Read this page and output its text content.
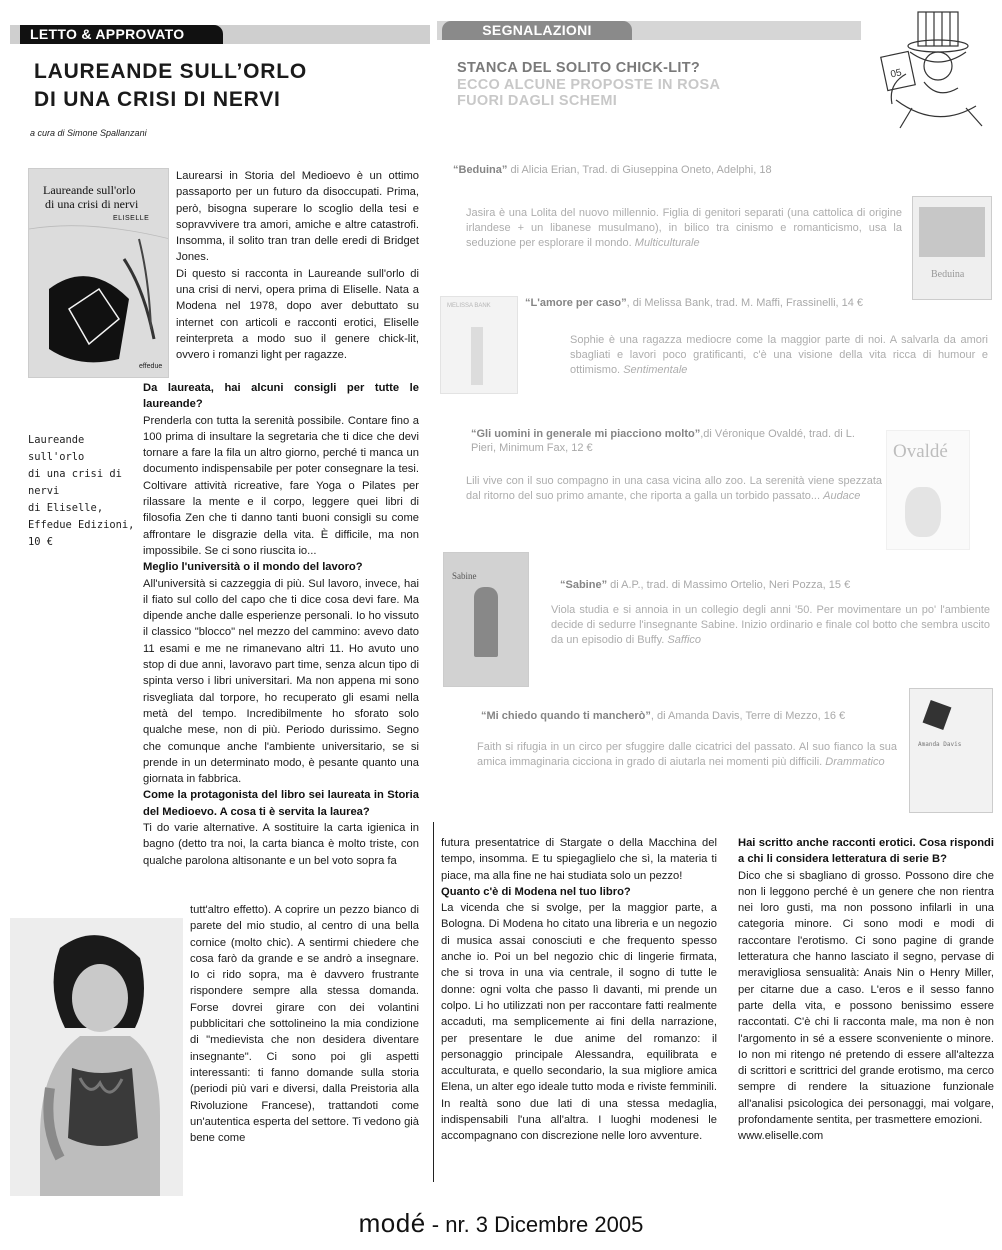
LETTO & APPROVATO	SEGNALAZIONI
05
LAUREANDE SULL’ORLO
DI UNA CRISI DI NERVI
a cura di Simone Spallanzani
Laureande sull'orlo
di una crisi di nervi
ELISELLE
effedue
Laureande sull'orlo
di una crisi di
nervi
di Eliselle,
Effedue Edizioni,
10 €

Laurearsi in Storia del Medioevo è un ottimo passaporto per un futuro da disoccupati. Prima, però, bisogna superare lo scoglio della tesi e sopravvivere tra amori, amiche e altre catastrofi. Insomma, il solito tran tran delle eredi di Bridget Jones.

Di questo si racconta in Laureande sull'orlo di una crisi di nervi, opera prima di Eliselle. Nata a Modena nel 1978, dopo aver debuttato su internet con articoli e racconti erotici, Eliselle reinterpreta a modo suo il genere chick-lit, ovvero i romanzi light per ragazze.

Da laureata, hai alcuni consigli per tutte le laureande?

Prenderla con tutta la serenità possibile. Contare fino a 100 prima di insultare la segretaria che ti dice che devi tornare a fare la fila un altro giorno, perché ti manca un documento indispensabile per poter consegnare la tesi. Coltivare attività ricreative, fare Yoga o Pilates per rilassare la mente e il corpo, leggere quei libri di filosofia Zen che ti danno tanti buoni consigli su come affrontare le disgrazie della vita. È difficile, ma non impossibile. Se ci sono riuscita io...

Meglio l'università o il mondo del lavoro?

All'università si cazzeggia di più. Sul lavoro, invece, hai il fiato sul collo del capo che ti dice cosa devi fare. Ma dipende anche dalle esperienze personali. Io ho vissuto il classico "blocco" nel mezzo del cammino: avevo dato 11 esami e me ne rimanevano altri 11. Ho avuto uno stop di due anni, lavoravo part time, senza alcun tipo di spinta verso i libri universitari. Ma non appena mi sono risvegliata dal torpore, ho recuperato gli esami nella metà del tempo. Incredibilmente ho sforato solo qualche mese, non di più. Periodo durissimo. Segno che comunque anche l'ambiente universitario, se si prende in un determinato modo, è pesante quanto una giornata in fabbrica.

Come la protagonista del libro sei laureata in Storia del Medioevo. A cosa ti è servita la laurea?

Ti do varie alternative. A sostituire la carta igienica in bagno (detto tra noi, la carta bianca è molto triste, con qualche parolona altisonante e un bel voto sopra fa

tutt'altro effetto). A coprire un pezzo bianco di parete del mio studio, al centro di una bella cornice (molto chic). A sentirmi chiedere che cosa farò da grande e se andrò a insegnare. Io ci rido sopra, ma è davvero frustrante rispondere sempre alla stessa domanda. Forse dovrei girare con dei volantini pubblicitari che sottolineino la mia condizione di "medievista che non desidera diventare insegnante". Ci sono poi gli aspetti interessanti: ti fanno domande sulla storia (periodi più vari e diversi, dalla Preistoria alla Rivoluzione Francese), trattandoti come un'autentica esperta del settore. Ti vedono già bene come

futura presentatrice di Stargate o della Macchina del tempo, insomma. E tu spiegaglielo che sì, la materia ti piace, ma alla fine ne hai studiata solo un pezzo!

Quanto c'è di Modena nel tuo libro?

La vicenda che si svolge, per la maggior parte, a Bologna. Di Modena ho citato una libreria e un negozio di musica assai conosciuti e che frequento spesso anche io. Poi un bel negozio chic di lingerie firmata, che si trova in una via centrale, il sogno di tutte le donne: ogni volta che passo lì davanti, mi prende un colpo. Li ho utilizzati non per raccontare fatti realmente accaduti, ma semplicemente ai fini della narrazione, per presentare le due anime del romanzo: il personaggio principale Alessandra, equilibrata e acculturata, e quello secondario, la sua migliore amica Elena, un alter ego ideale tutto moda e riviste femminili. In realtà sono due lati di una stessa medaglia, indispensabili l'una all'altra. I luoghi modenesi le accompagnano con discrezione nelle loro avventure.

Hai scritto anche racconti erotici. Cosa rispondi a chi li considera letteratura di serie B?

Dico che si sbagliano di grosso. Possono dire che non li leggono perché è un genere che non rientra nei loro gusti, ma non possono infilarli in una categoria minore. Ci sono modi e modi di raccontare l'erotismo. Ci sono pagine di grande letteratura che hanno lasciato il segno, pervase di meravigliosa sensualità: Anais Nin o Henry Miller, per citarne due a caso. L'eros e il sesso fanno parte della vita, e possono benissimo essere raccontati. C'è chi li racconta male, ma non è non l'argomento in sé a essere sconveniente o minore. Io non mi ritengo né pretendo di essere all'altezza di scrittori e scrittrici del grande erotismo, ma cerco sempre di rendere la situazione funzionale all'analisi psicologica dei personaggi, mai volgare, profondamente sentita, per trasmettere emozioni.

www.eliselle.com

STANCA DEL SOLITO CHICK-LIT?
ECCO ALCUNE PROPOSTE IN ROSA
FUORI DAGLI SCHEMI
“Beduina” di Alicia Erian, Trad. di Giuseppina Oneto, Adelphi, 18
Jasira è una Lolita del nuovo millennio. Figlia di genitori separati (una cattolica di origine irlandese + un libanese musulmano), in bilico tra cinismo e romanticismo, usa la seduzione per esplorare il mondo. Multiculturale
Beduina
MELISSA BANK	“L'amore per caso”, di Melissa Bank, trad. M. Maffi, Frassinelli, 14 €
Sophie è una ragazza mediocre come la maggior parte di noi. A salvarla da amori sbagliati e lavori poco gratificanti, c'è una visione della vita ricca di humour e ottimismo. Sentimentale
“Gli uomini in generale mi piacciono molto”,di Véronique Ovaldé, trad. di L. Pieri, Minimum Fax, 12 €
Lili vive con il suo compagno in una casa vicina allo zoo. La serenità viene spezzata dal ritorno del suo primo amante, che riporta a galla un torbido passato... Audace
Ovaldé
Sabine
“Sabine” di A.P., trad. di Massimo Ortelio, Neri Pozza, 15 €
Viola studia e si annoia in un collegio degli anni '50. Per movimentare un po' l'ambiente decide di sedurre l'insegnante Sabine. Inizio ordinario e finale col botto che sembra uscito da un episodio di Buffy. Saffico
“Mi chiedo quando ti mancherò”, di Amanda Davis, Terre di Mezzo, 16 €
Faith si rifugia in un circo per sfuggire dalle cicatrici del passato. Al suo fianco la sua amica immaginaria cicciona in grado di aiutarla nei momenti più difficili. Drammatico
Amanda Davis
modé - nr. 3 Dicembre 2005
